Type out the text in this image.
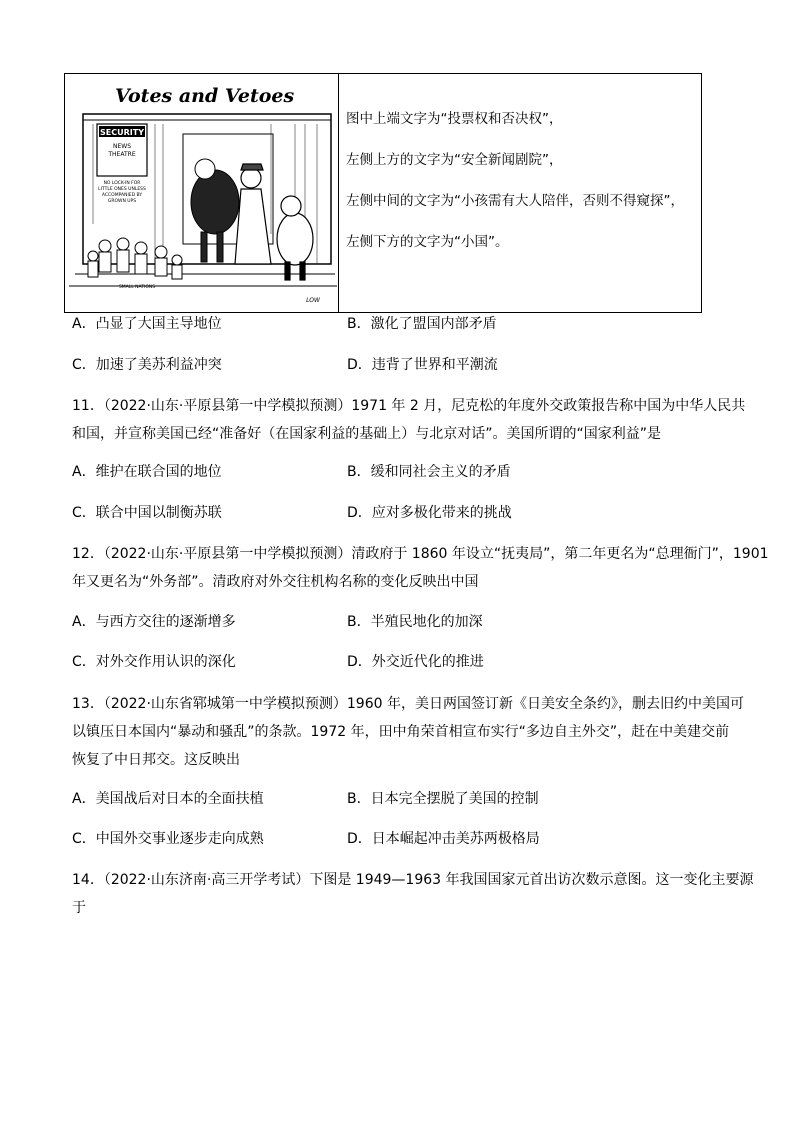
Votes and Vetoes
SECURITY
NEWS
THEATRE
NO LOCK-IN FOR
LITTLE ONES UNLESS
ACCOMPANIED BY
GROWN UPS
SMALL NATIONS
LOW

图中上端文字为“投票权和否决权”，

左侧上方的文字为“安全新闻剧院”，

左侧中间的文字为“小孩需有大人陪伴，否则不得窥探”，

左侧下方的文字为“小国”。

A．凸显了大国主导地位	B．激化了盟国内部矛盾
C．加速了美苏利益冲突	D．违背了世界和平潮流

11．（2022·山东·平原县第一中学模拟预测）1971 年 2 月，尼克松的年度外交政策报告称中国为中华人民共

和国，并宣称美国已经“准备好（在国家利益的基础上）与北京对话”。美国所谓的“国家利益”是

A．维护在联合国的地位	B．缓和同社会主义的矛盾
C．联合中国以制衡苏联	D．应对多极化带来的挑战

12．（2022·山东·平原县第一中学模拟预测）清政府于 1860 年设立“抚夷局”，第二年更名为“总理衙门”，1901

年又更名为“外务部”。清政府对外交往机构名称的变化反映出中国

A．与西方交往的逐渐增多	B．半殖民地化的加深
C．对外交作用认识的深化	D．外交近代化的推进

13．（2022·山东省郓城第一中学模拟预测）1960 年，美日两国签订新《日美安全条约》，删去旧约中美国可

以镇压日本国内“暴动和骚乱”的条款。1972 年，田中角荣首相宣布实行“多边自主外交”，赶在中美建交前

恢复了中日邦交。这反映出

A．美国战后对日本的全面扶植	B．日本完全摆脱了美国的控制
C．中国外交事业逐步走向成熟	D．日本崛起冲击美苏两极格局

14．（2022·山东济南·高三开学考试）下图是 1949—1963 年我国国家元首出访次数示意图。这一变化主要源

于
